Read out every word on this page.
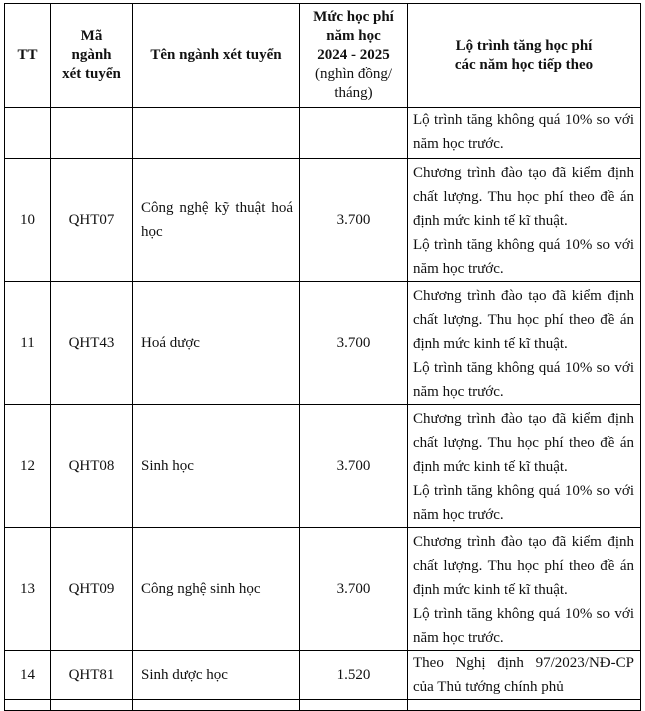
TT	Mã
ngành
xét tuyển	Tên ngành xét tuyển	Mức học phí
năm học
2024 - 2025
(nghìn đồng/
tháng)	Lộ trình tăng học phí
các năm học tiếp theo

				Lộ trình tăng không quá 10% so với năm học trước.

10	QHT07	Công nghệ kỹ thuật hoá học	3.700	Chương trình đào tạo đã kiểm định chất lượng. Thu học phí theo đề án định mức kinh tế kĩ thuật.
Lộ trình tăng không quá 10% so với năm học trước.

11	QHT43	Hoá dược	3.700	Chương trình đào tạo đã kiểm định chất lượng. Thu học phí theo đề án định mức kinh tế kĩ thuật.
Lộ trình tăng không quá 10% so với năm học trước.

12	QHT08	Sinh học	3.700	Chương trình đào tạo đã kiểm định chất lượng. Thu học phí theo đề án định mức kinh tế kĩ thuật.
Lộ trình tăng không quá 10% so với năm học trước.

13	QHT09	Công nghệ sinh học	3.700	Chương trình đào tạo đã kiểm định chất lượng. Thu học phí theo đề án định mức kinh tế kĩ thuật.
Lộ trình tăng không quá 10% so với năm học trước.

14	QHT81	Sinh dược học	1.520	Theo Nghị định 97/2023/NĐ-CP của Thủ tướng chính phủ
